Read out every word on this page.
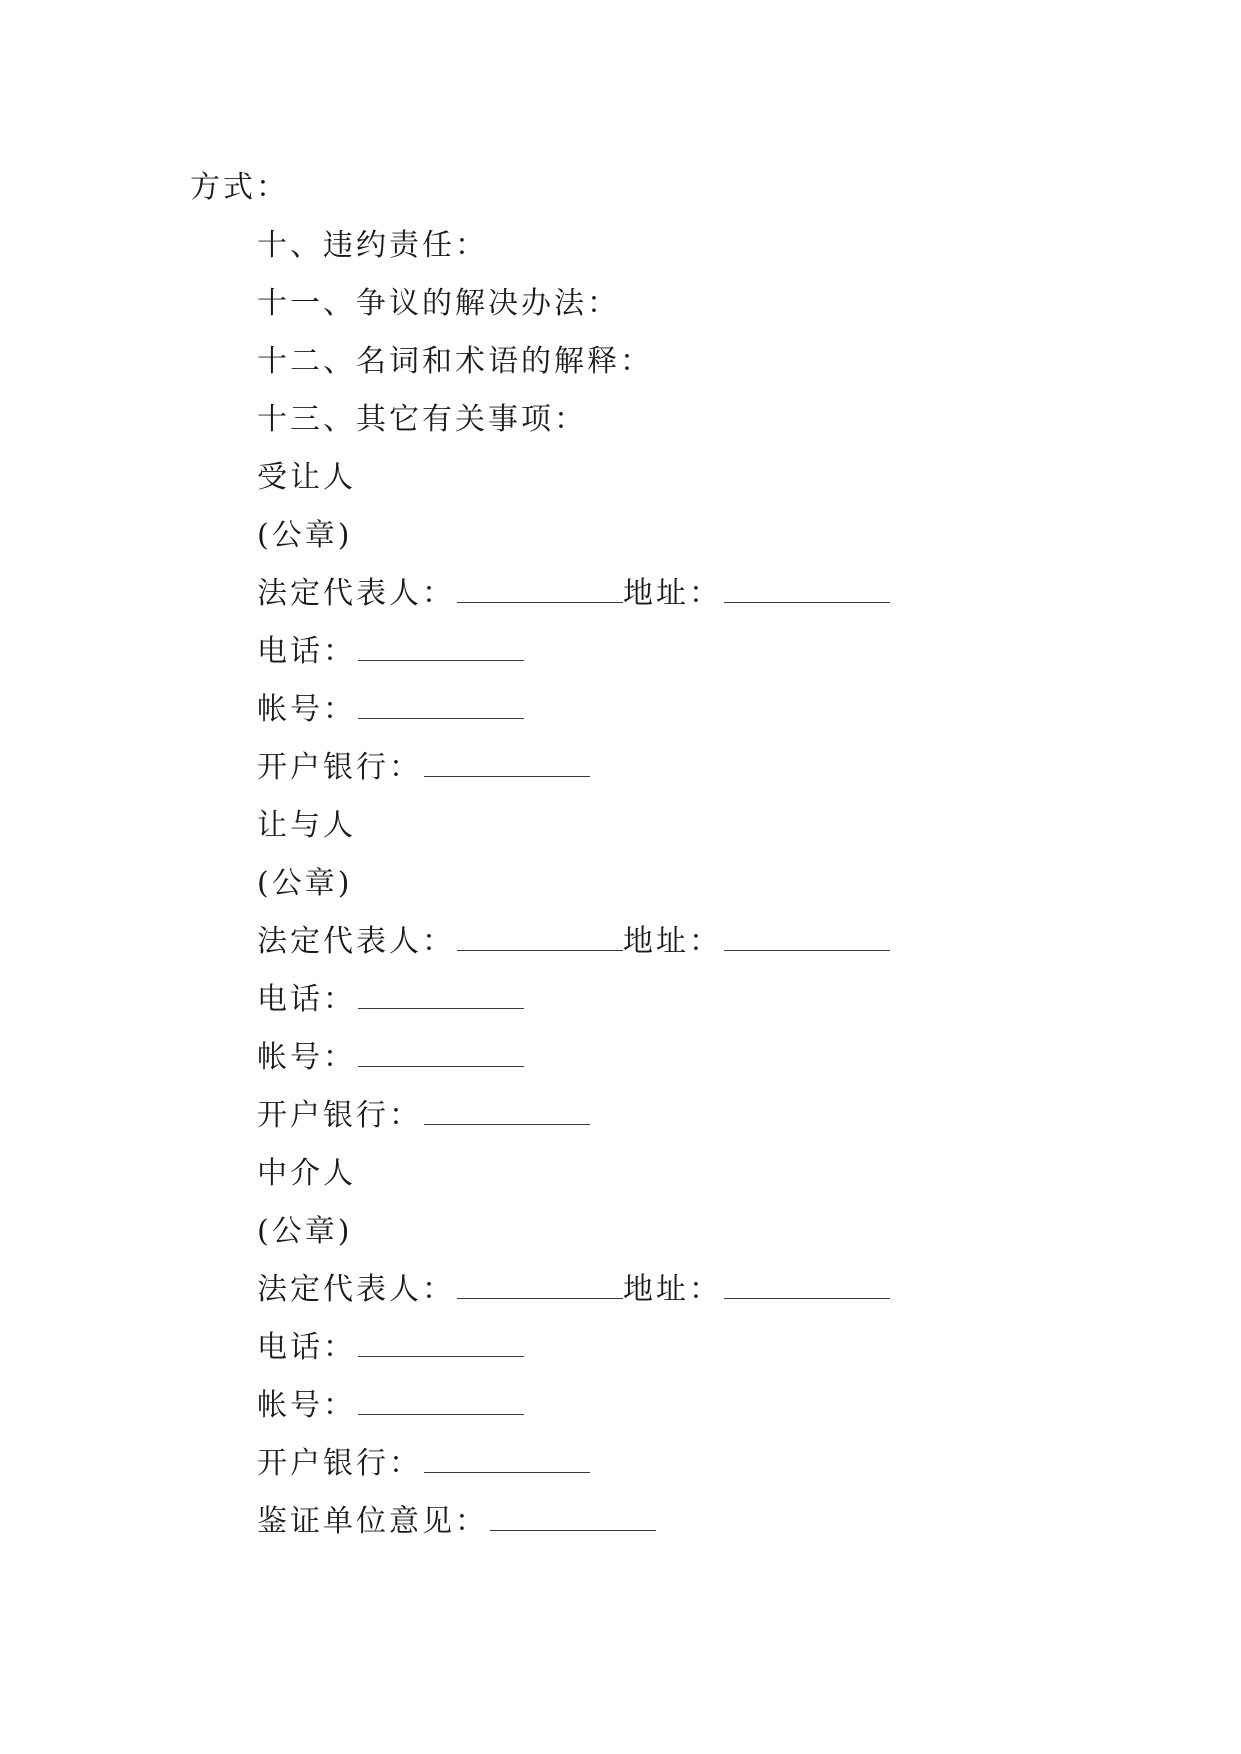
方式：
十、违约责任：
十一、争议的解决办法：
十二、名词和术语的解释：
十三、其它有关事项：
受让人
(公章)
法定代表人：	地址：
电话：
帐号：
开户银行：
让与人
(公章)
法定代表人：	地址：
电话：
帐号：
开户银行：
中介人
(公章)
法定代表人：	地址：
电话：
帐号：
开户银行：
鉴证单位意见：
